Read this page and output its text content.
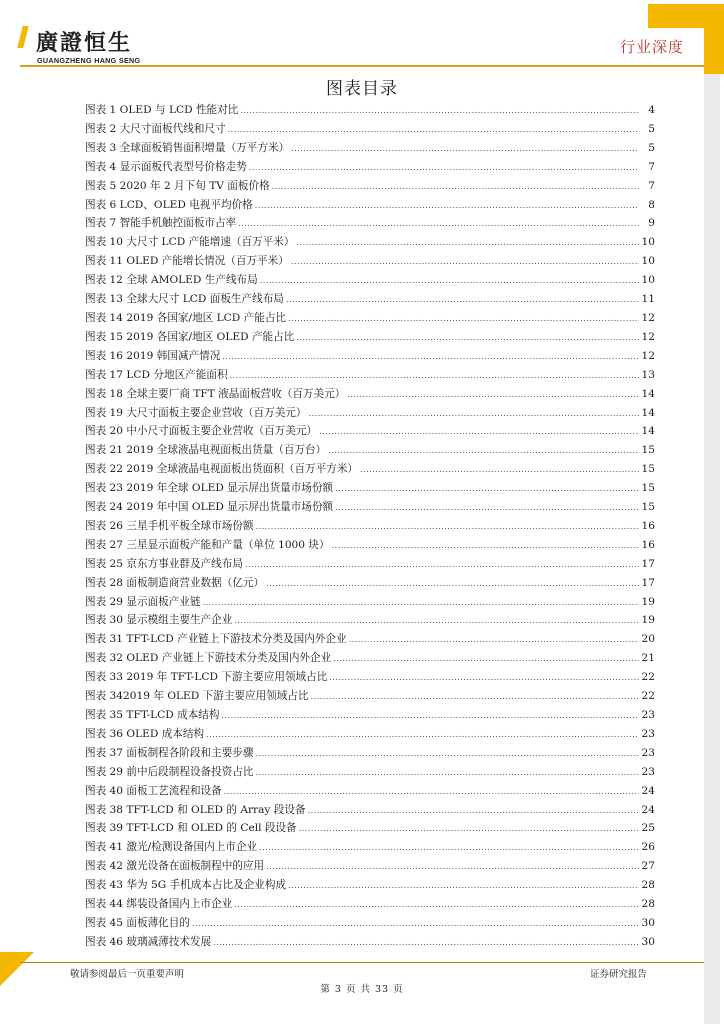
廣證恒生
GUANGZHENG HANG SENG
行业深度
图表目录
图表 1 OLED 与 LCD 性能对比 .....	4
图表 2 大尺寸面板代线和尺寸 .....	5
图表 3 全球面板销售面积增量（万平方米） .....	5
图表 4 显示面板代表型号价格走势 .....	7
图表 5 2020 年 2 月下旬 TV 面板价格 .....	7
图表 6 LCD、OLED 电视平均价格 .....	8
图表 7 智能手机触控面板市占率 .....	9
图表 10 大尺寸 LCD 产能增速（百万平米） .....	10
图表 11 OLED 产能增长情况（百万平米） .....	10
图表 12 全球 AMOLED 生产线布局 .....	10
图表 13 全球大尺寸 LCD 面板生产线布局 .....	11
图表 14 2019 各国家/地区 LCD 产能占比 .....	12
图表 15 2019 各国家/地区 OLED 产能占比 .....	12
图表 16 2019 韩国减产情况 .....	12
图表 17 LCD 分地区产能面积 .....	13
图表 18 全球主要厂商 TFT 液晶面板营收（百万美元） .....	14
图表 19 大尺寸面板主要企业营收（百万美元） .....	14
图表 20 中小尺寸面板主要企业营收（百万美元） .....	14
图表 21 2019 全球液晶电视面板出货量（百万台） .....	15
图表 22 2019 全球液晶电视面板出货面积（百万平方米） .....	15
图表 23 2019 年全球 OLED 显示屏出货量市场份额 .....	15
图表 24 2019 年中国 OLED 显示屏出货量市场份额 .....	15
图表 26 三星手机平板全球市场份额 .....	16
图表 27 三星显示面板产能和产量（单位 1000 块） .....	16
图表 25 京东方事业群及产线布局 .....	17
图表 28 面板制造商营业数据（亿元） .....	17
图表 29 显示面板产业链 .....	19
图表 30 显示模组主要生产企业 .....	19
图表 31 TFT-LCD 产业链上下游技术分类及国内外企业 .....	20
图表 32 OLED 产业链上下游技术分类及国内外企业 .....	21
图表 33 2019 年 TFT-LCD 下游主要应用领域占比 .....	22
图表 342019 年 OLED 下游主要应用领域占比 .....	22
图表 35 TFT-LCD 成本结构 .....	23
图表 36 OLED 成本结构 .....	23
图表 37 面板制程各阶段和主要步骤 .....	23
图表 29 前中后段制程设备投资占比 .....	23
图表 40 面板工艺流程和设备 .....	24
图表 38 TFT-LCD 和 OLED 的 Array 段设备 .....	24
图表 39 TFT-LCD 和 OLED 的 Cell 段设备 .....	25
图表 41 激光/检测设备国内上市企业 .....	26
图表 42 激光设备在面板制程中的应用 .....	27
图表 43 华为 5G 手机成本占比及企业构成 .....	28
图表 44 绑装设备国内上市企业 .....	28
图表 45 面板薄化目的 .....	30
图表 46 玻璃减薄技术发展 .....	30
敬请参阅最后一页重要声明	证券研究报告
第 3 页 共 33 页
